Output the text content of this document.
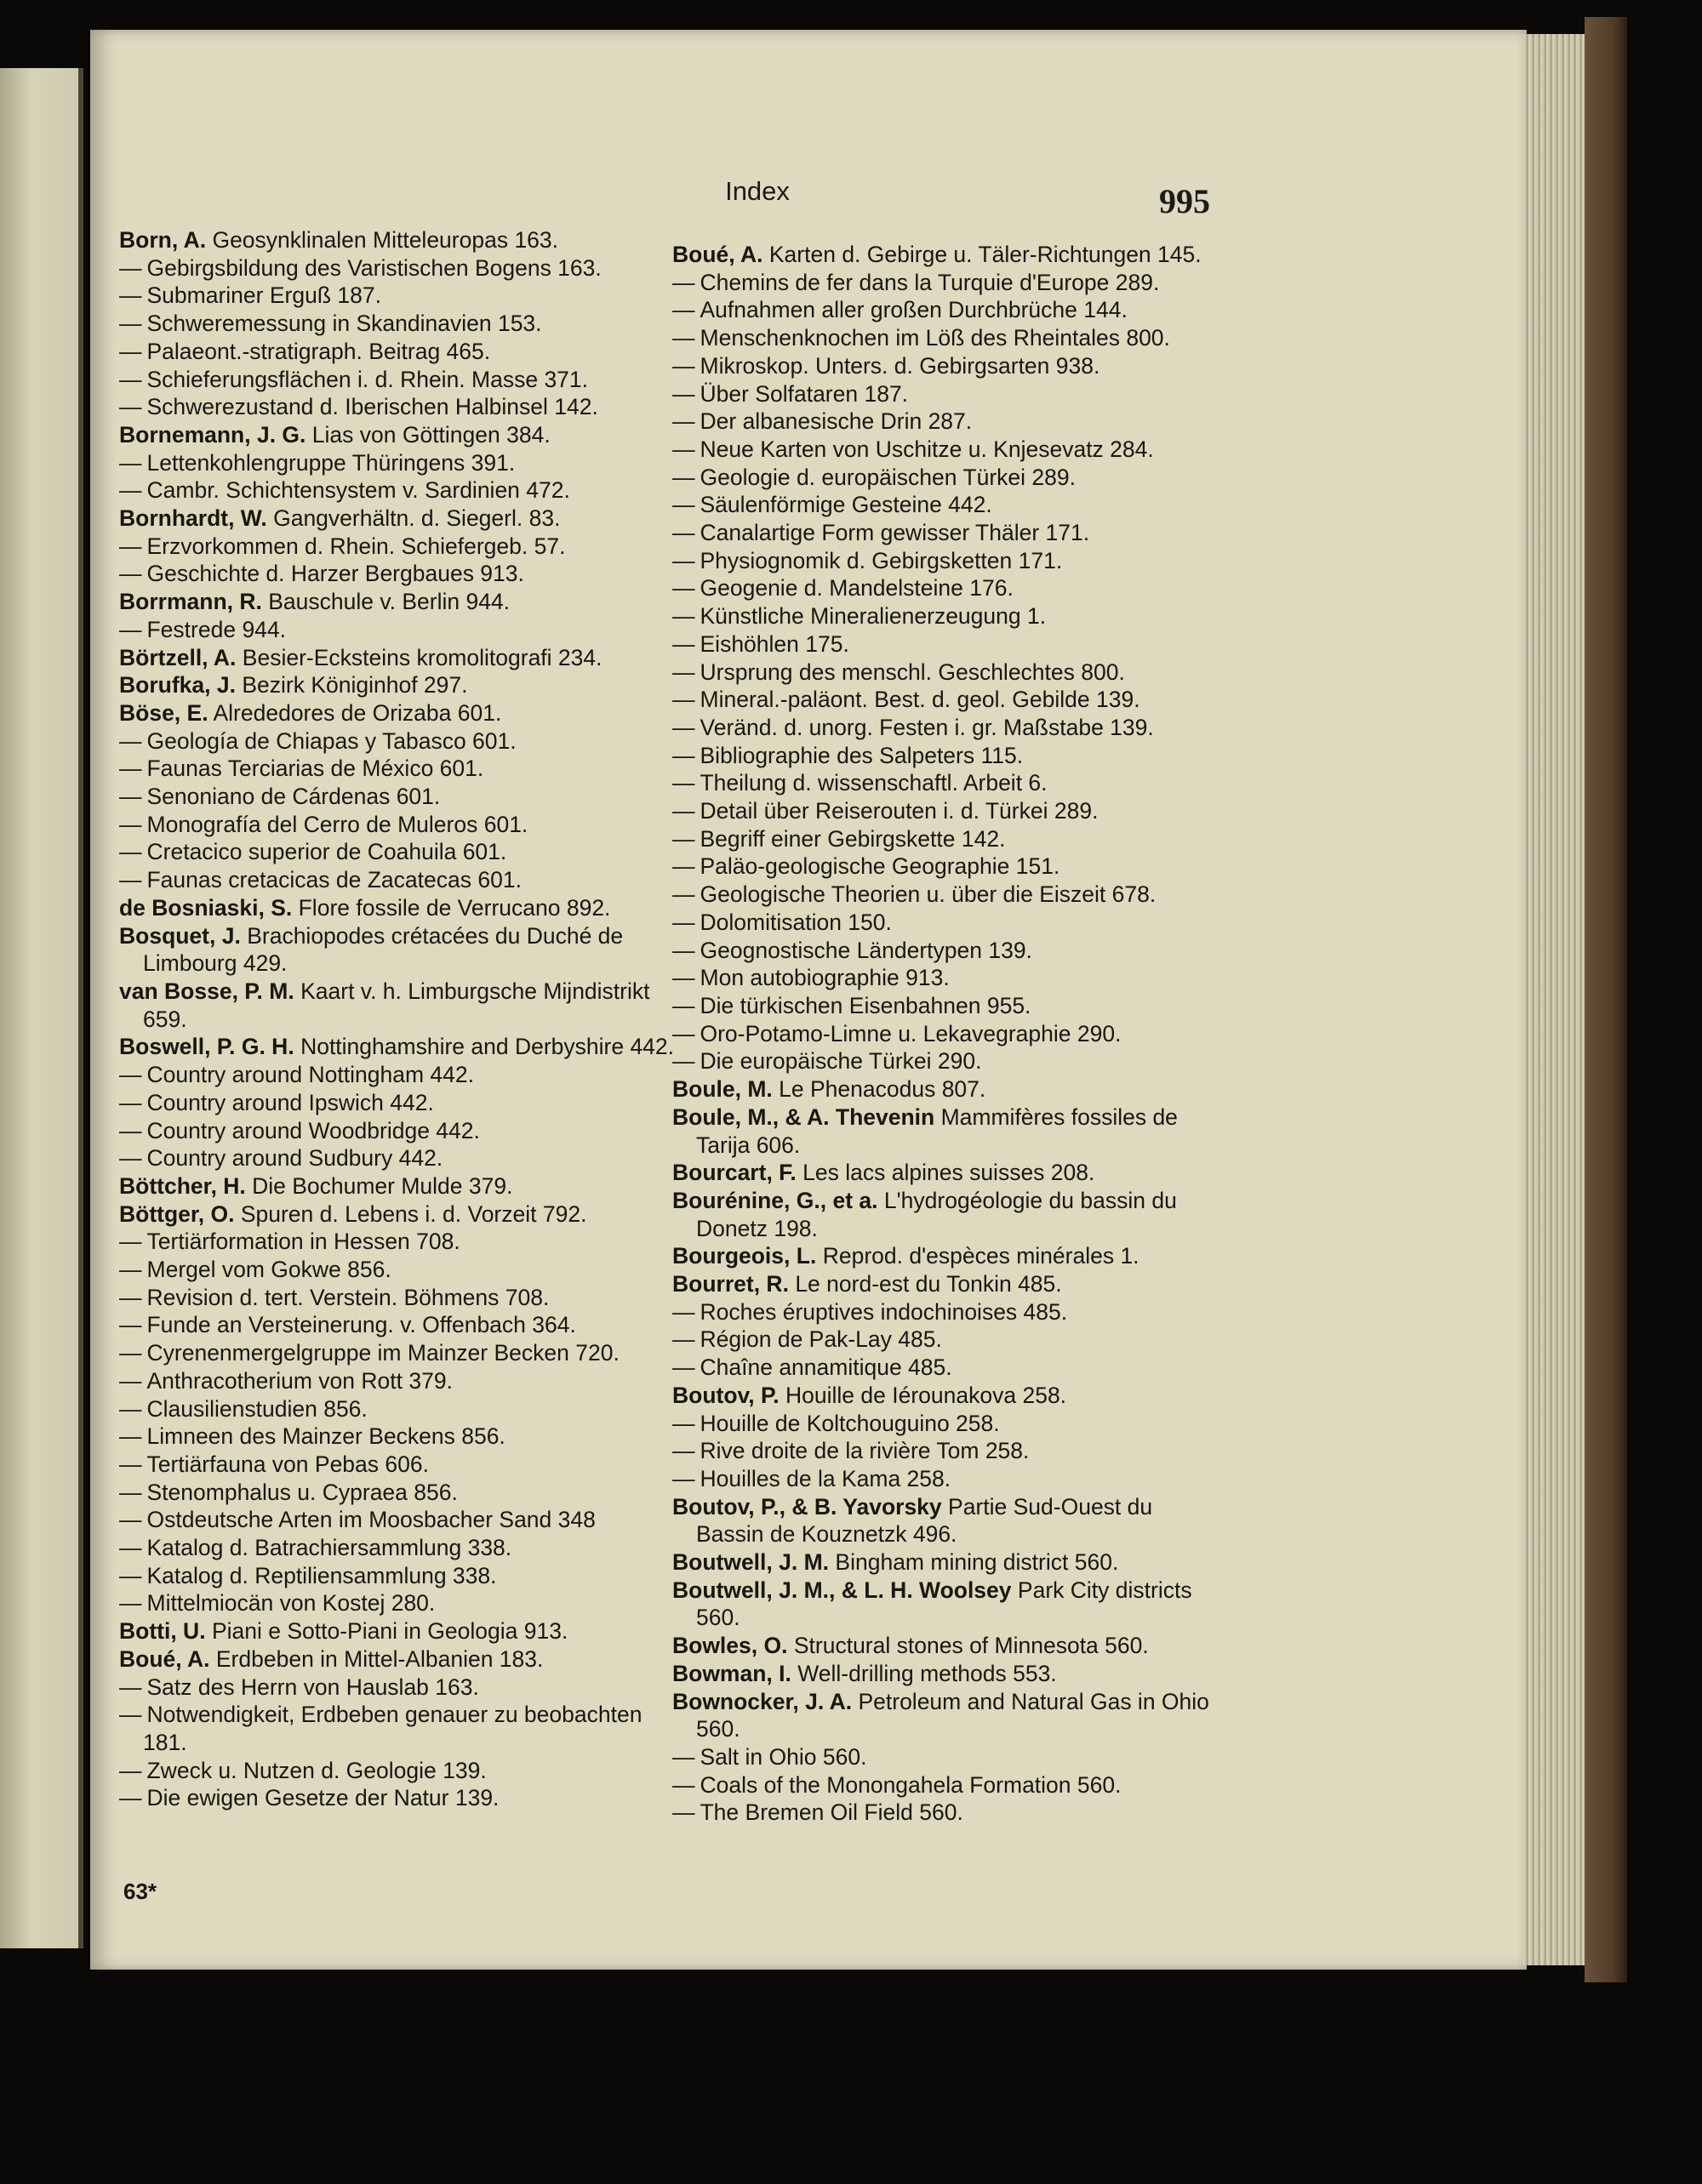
Index	995

Born, A. Geosynklinalen Mitteleuropas 163.

— Gebirgsbildung des Varistischen Bogens 163.

— Submariner Erguß 187.

— Schweremessung in Skandinavien 153.

— Palaeont.-stratigraph. Beitrag 465.

— Schieferungsflächen i. d. Rhein. Masse 371.

— Schwerezustand d. Iberischen Halbinsel 142.

Bornemann, J. G. Lias von Göttingen 384.

— Lettenkohlengruppe Thüringens 391.

— Cambr. Schichtensystem v. Sardinien 472.

Bornhardt, W. Gangverhältn. d. Siegerl. 83.

— Erzvorkommen d. Rhein. Schiefergeb. 57.

— Geschichte d. Harzer Bergbaues 913.

Borrmann, R. Bauschule v. Berlin 944.

— Festrede 944.

Börtzell, A. Besier-Ecksteins kromolitografi 234.

Borufka, J. Bezirk Königinhof 297.

Böse, E. Alrededores de Orizaba 601.

— Geología de Chiapas y Tabasco 601.

— Faunas Terciarias de México 601.

— Senoniano de Cárdenas 601.

— Monografía del Cerro de Muleros 601.

— Cretacico superior de Coahuila 601.

— Faunas cretacicas de Zacatecas 601.

de Bosniaski, S. Flore fossile de Verrucano 892.

Bosquet, J. Brachiopodes crétacées du Duché de Limbourg 429.

van Bosse, P. M. Kaart v. h. Limburgsche Mijndistrikt 659.

Boswell, P. G. H. Nottinghamshire and Derbyshire 442.

— Country around Nottingham 442.

— Country around Ipswich 442.

— Country around Woodbridge 442.

— Country around Sudbury 442.

Böttcher, H. Die Bochumer Mulde 379.

Böttger, O. Spuren d. Lebens i. d. Vorzeit 792.

— Tertiärformation in Hessen 708.

— Mergel vom Gokwe 856.

— Revision d. tert. Verstein. Böhmens 708.

— Funde an Versteinerung. v. Offenbach 364.

— Cyrenenmergelgruppe im Mainzer Becken 720.

— Anthracotherium von Rott 379.

— Clausilienstudien 856.

— Limneen des Mainzer Beckens 856.

— Tertiärfauna von Pebas 606.

— Stenomphalus u. Cypraea 856.

— Ostdeutsche Arten im Moosbacher Sand 348

— Katalog d. Batrachiersammlung 338.

— Katalog d. Reptiliensammlung 338.

— Mittelmiocän von Kostej 280.

Botti, U. Piani e Sotto-Piani in Geologia 913.

Boué, A. Erdbeben in Mittel-Albanien 183.

— Satz des Herrn von Hauslab 163.

— Notwendigkeit, Erdbeben genauer zu beobachten 181.

— Zweck u. Nutzen d. Geologie 139.

— Die ewigen Gesetze der Natur 139.

Boué, A. Karten d. Gebirge u. Täler-Richtungen 145.

— Chemins de fer dans la Turquie d'Europe 289.

— Aufnahmen aller großen Durchbrüche 144.

— Menschenknochen im Löß des Rheintales 800.

— Mikroskop. Unters. d. Gebirgsarten 938.

— Über Solfataren 187.

— Der albanesische Drin 287.

— Neue Karten von Uschitze u. Knjesevatz 284.

— Geologie d. europäischen Türkei 289.

— Säulenförmige Gesteine 442.

— Canalartige Form gewisser Thäler 171.

— Physiognomik d. Gebirgsketten 171.

— Geogenie d. Mandelsteine 176.

— Künstliche Mineralienerzeugung 1.

— Eishöhlen 175.

— Ursprung des menschl. Geschlechtes 800.

— Mineral.-paläont. Best. d. geol. Gebilde 139.

— Veränd. d. unorg. Festen i. gr. Maßstabe 139.

— Bibliographie des Salpeters 115.

— Theilung d. wissenschaftl. Arbeit 6.

— Detail über Reiserouten i. d. Türkei 289.

— Begriff einer Gebirgskette 142.

— Paläo-geologische Geographie 151.

— Geologische Theorien u. über die Eiszeit 678.

— Dolomitisation 150.

— Geognostische Ländertypen 139.

— Mon autobiographie 913.

— Die türkischen Eisenbahnen 955.

— Oro-Potamo-Limne u. Lekavegraphie 290.

— Die europäische Türkei 290.

Boule, M. Le Phenacodus 807.

Boule, M., & A. Thevenin Mammifères fossiles de Tarija 606.

Bourcart, F. Les lacs alpines suisses 208.

Bourénine, G., et a. L'hydrogéologie du bassin du Donetz 198.

Bourgeois, L. Reprod. d'espèces minérales 1.

Bourret, R. Le nord-est du Tonkin 485.

— Roches éruptives indochinoises 485.

— Région de Pak-Lay 485.

— Chaîne annamitique 485.

Boutov, P. Houille de Iérounakova 258.

— Houille de Koltchouguino 258.

— Rive droite de la rivière Tom 258.

— Houilles de la Kama 258.

Boutov, P., & B. Yavorsky Partie Sud-Ouest du Bassin de Kouznetzk 496.

Boutwell, J. M. Bingham mining district 560.

Boutwell, J. M., & L. H. Woolsey Park City districts 560.

Bowles, O. Structural stones of Minnesota 560.

Bowman, I. Well-drilling methods 553.

Bownocker, J. A. Petroleum and Natural Gas in Ohio 560.

— Salt in Ohio 560.

— Coals of the Monongahela Formation 560.

— The Bremen Oil Field 560.

63*
